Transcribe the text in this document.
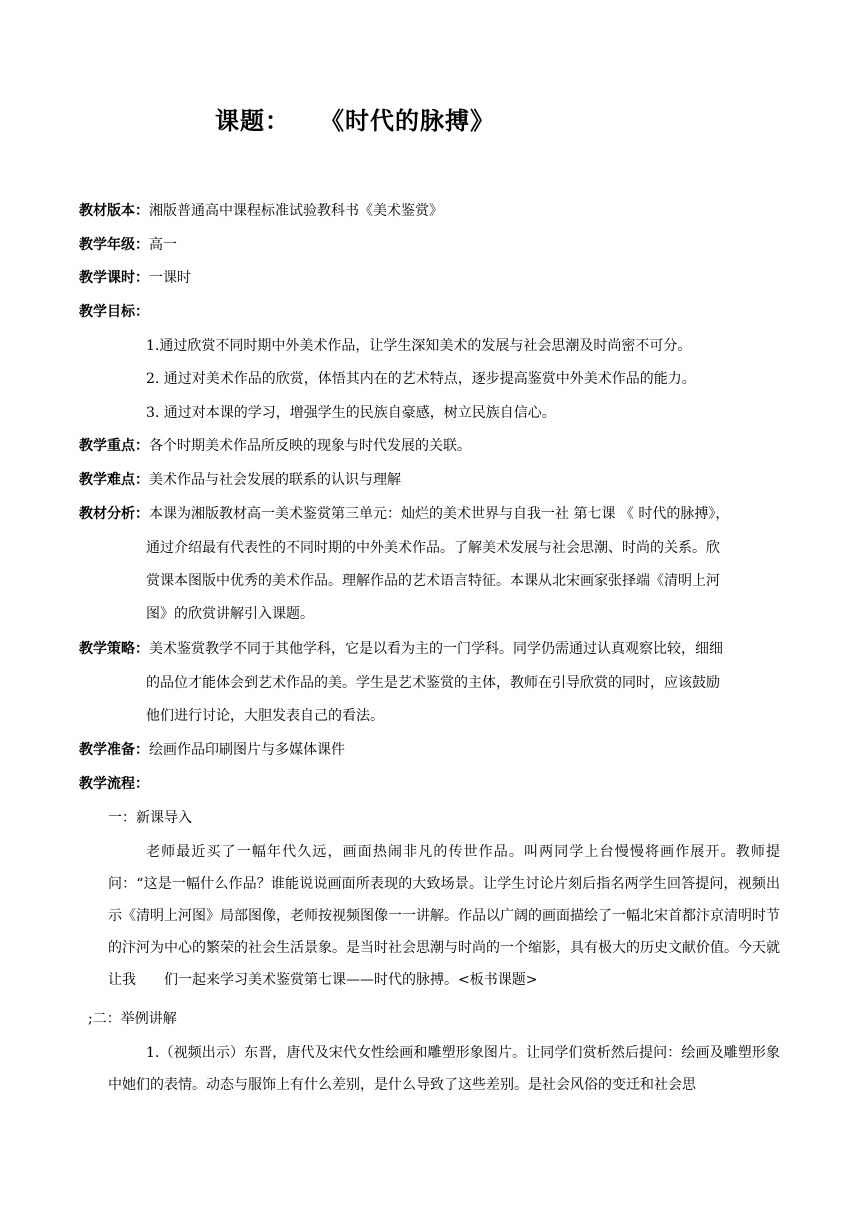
课题： 《时代的脉搏》
教材版本：湘版普通高中课程标准试验教科书《美术鉴赏》
教学年级：高一
教学课时：一课时
教学目标：
1.通过欣赏不同时期中外美术作品，让学生深知美术的发展与社会思潮及时尚密不可分。
2. 通过对美术作品的欣赏，体悟其内在的艺术特点，逐步提高鉴赏中外美术作品的能力。
3. 通过对本课的学习，增强学生的民族自豪感，树立民族自信心。
教学重点：各个时期美术作品所反映的现象与时代发展的关联。
教学难点：美术作品与社会发展的联系的认识与理解
教材分析：本课为湘版教材高一美术鉴赏第三单元：灿烂的美术世界与自我一社 第七课 《 时代的脉搏》，
通过介绍最有代表性的不同时期的中外美术作品。了解美术发展与社会思潮、时尚的关系。欣
赏课本图版中优秀的美术作品。理解作品的艺术语言特征。本课从北宋画家张择端《清明上河
图》的欣赏讲解引入课题。
教学策略：美术鉴赏教学不同于其他学科，它是以看为主的一门学科。同学仍需通过认真观察比较，细细
的品位才能体会到艺术作品的美。学生是艺术鉴赏的主体，教师在引导欣赏的同时，应该鼓励
他们进行讨论，大胆发表自己的看法。
教学准备：绘画作品印刷图片与多媒体课件
教学流程：
一：新课导入
老师最近买了一幅年代久远，画面热闹非凡的传世作品。叫两同学上台慢慢将画作展开。教师提问：“这是一幅什么作品？谁能说说画面所表现的大致场景。让学生讨论片刻后指名两学生回答提问，视频出示《清明上河图》局部图像，老师按视频图像一一讲解。作品以广阔的画面描绘了一幅北宋首都汴京清明时节的汴河为中心的繁荣的社会生活景象。是当时社会思潮与时尚的一个缩影，具有极大的历史文献价值。今天就让我　　们一起来学习美术鉴赏第七课——时代的脉搏。<板书课题>
;二：举例讲解
1.（视频出示）东晋，唐代及宋代女性绘画和雕塑形象图片。让同学们赏析然后提问：绘画及雕塑形象中她们的表情。动态与服饰上有什么差别，是什么导致了这些差别。是社会风俗的变迁和社会思
